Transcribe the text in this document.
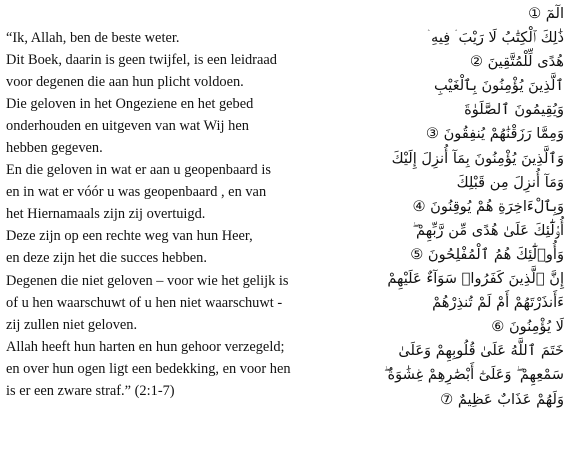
“Ik, Allah, ben de beste weter.
Dit Boek, daarin is geen twijfel, is een leidraad
voor degenen die aan hun plicht voldoen.
Die geloven in het Ongeziene en het gebed
onderhouden en uitgeven van wat Wij hen
hebben gegeven.
En die geloven in wat er aan u geopenbaard is
en in wat er vóór u was geopenbaard , en van
het Hiernamaals zijn zij overtuigd.
Deze zijn op een rechte weg van hun Heer,
en deze zijn het die succes hebben.
Degenen die niet geloven – voor wie het gelijk is
of u hen waarschuwt of u hen niet waarschuwt -
zij zullen niet geloven.
Allah heeft hun harten en hun gehoor verzegeld;
en over hun ogen ligt een bedekking, en voor hen
is er een zware straf.” (2:1-7)
الٓمٓ ①
ذَٰلِكَ ٱلْكِتَٰبُ لَا رَيْبَ ۛ فِيهِ ۛ
هُدًى لِّلْمُتَّقِينَ ②
ٱلَّذِينَ يُؤْمِنُونَ بِٱلْغَيْبِ
وَيُقِيمُونَ ٱلصَّلَوٰةَ
وَمِمَّا رَزَقْنَٰهُمْ يُنفِقُونَ ③
وَٱلَّذِينَ يُؤْمِنُونَ بِمَآ أُنزِلَ إِلَيْكَ
وَمَآ أُنزِلَ مِن قَبْلِكَ
وَبِٱلْءَاخِرَةِ هُمْ يُوقِنُونَ ④
أُو۟لَٰٓئِكَ عَلَىٰ هُدًى مِّن رَّبِّهِمْ ۖ
وَأُو۟لَٰٓئِكَ هُمُ ٱلْمُفْلِحُونَ ⑤
إِنَّ ٱلَّذِينَ كَفَرُوا۟ سَوَآءٌ عَلَيْهِمْ
ءَأَنذَرْتَهُمْ أَمْ لَمْ تُنذِرْهُمْ
لَا يُؤْمِنُونَ ⑥
خَتَمَ ٱللَّهُ عَلَىٰ قُلُوبِهِمْ وَعَلَىٰ
سَمْعِهِمْ ۖ وَعَلَىٰٓ أَبْصَٰرِهِمْ غِشَٰوَةٌ ۖ
وَلَهُمْ عَذَابٌ عَظِيمٌ ⑦
